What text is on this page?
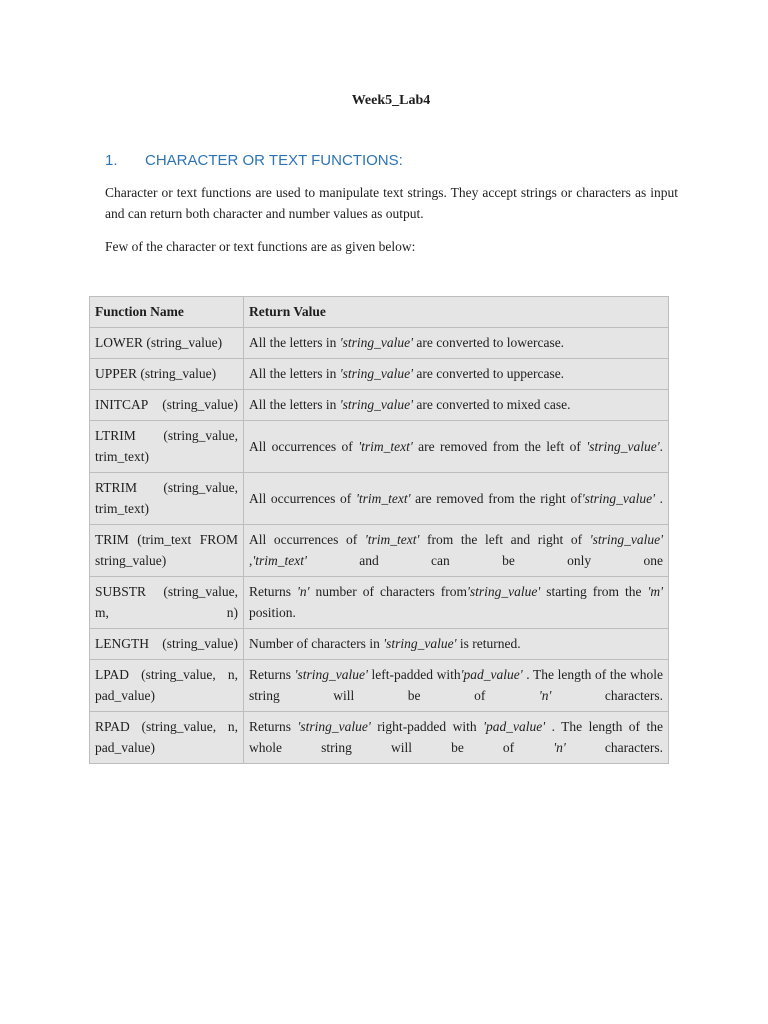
Week5_Lab4
1. CHARACTER OR TEXT FUNCTIONS:
Character or text functions are used to manipulate text strings. They accept strings or characters as input and can return both character and number values as output.
Few of the character or text functions are as given below:
Function Name	Return Value
LOWER (string_value)	All the letters in 'string_value' are converted to lowercase.
UPPER (string_value)	All the letters in 'string_value' are converted to uppercase.
INITCAP (string_value)	All the letters in 'string_value' are converted to mixed case.
LTRIM (string_value, trim_text)	All occurrences of 'trim_text' are removed from the left of 'string_value'.
RTRIM (string_value, trim_text)	All occurrences of 'trim_text' are removed from the right of'string_value' .
TRIM (trim_text FROM string_value)	All occurrences of 'trim_text' from the left and right of 'string_value' ,'trim_text' and can be only one
SUBSTR (string_value, m, n)	Returns 'n' number of characters from'string_value' starting from the 'm' position.
LENGTH (string_value)	Number of characters in 'string_value' is returned.
LPAD (string_value, n, pad_value)	Returns 'string_value' left-padded with'pad_value' . The length of the whole string will be of 'n' characters.
RPAD (string_value, n, pad_value)	Returns 'string_value' right-padded with 'pad_value' . The length of the whole string will be of 'n' characters.
